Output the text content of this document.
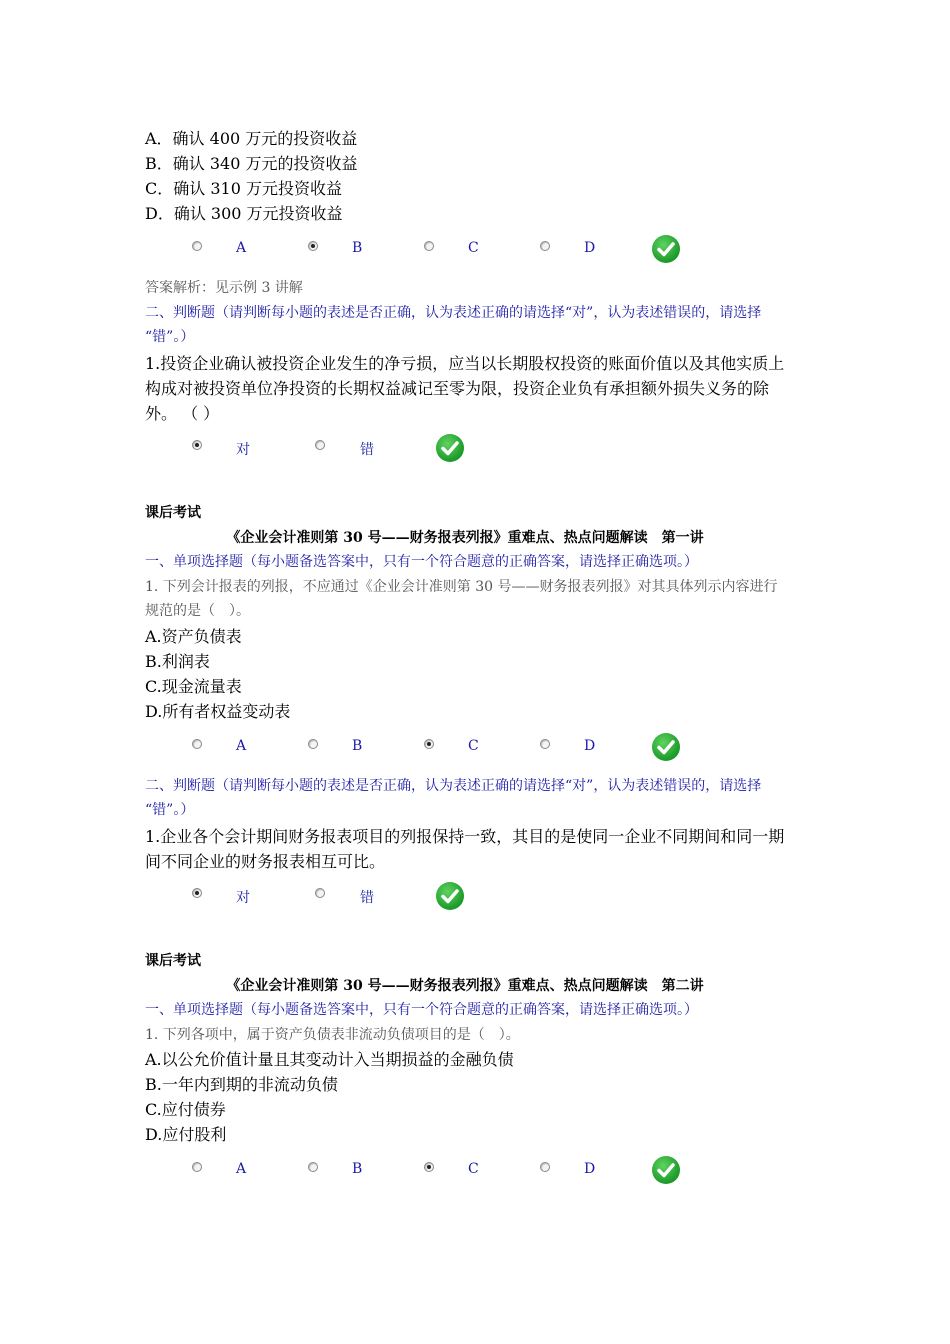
A．确认 400 万元的投资收益
B．确认 340 万元的投资收益
C．确认 310 万元投资收益
D．确认 300 万元投资收益
A	B	C	D
答案解析：见示例 3 讲解
二、判断题（请判断每小题的表述是否正确，认为表述正确的请选择“对”，认为表述错误的，请选择
“错”。）
1.投资企业确认被投资企业发生的净亏损，应当以长期股权投资的账面价值以及其他实质上
构成对被投资单位净投资的长期权益减记至零为限，投资企业负有承担额外损失义务的除
外。 （ ）
对	错
课后考试
《企业会计准则第 30 号——财务报表列报》重难点、热点问题解读　第一讲
一、单项选择题（每小题备选答案中，只有一个符合题意的正确答案，请选择正确选项。）
1. 下列会计报表的列报，不应通过《企业会计准则第 30 号——财务报表列报》对其具体列示内容进行
规范的是（　）。
A.资产负债表
B.利润表
C.现金流量表
D.所有者权益变动表
A	B	C	D
二、判断题（请判断每小题的表述是否正确，认为表述正确的请选择“对”，认为表述错误的，请选择
“错”。）
1.企业各个会计期间财务报表项目的列报保持一致，其目的是使同一企业不同期间和同一期
间不同企业的财务报表相互可比。
对	错
课后考试
《企业会计准则第 30 号——财务报表列报》重难点、热点问题解读　第二讲
一、单项选择题（每小题备选答案中，只有一个符合题意的正确答案，请选择正确选项。）
1. 下列各项中，属于资产负债表非流动负债项目的是（　）。
A.以公允价值计量且其变动计入当期损益的金融负债
B.一年内到期的非流动负债
C.应付债券
D.应付股利
A	B	C	D
